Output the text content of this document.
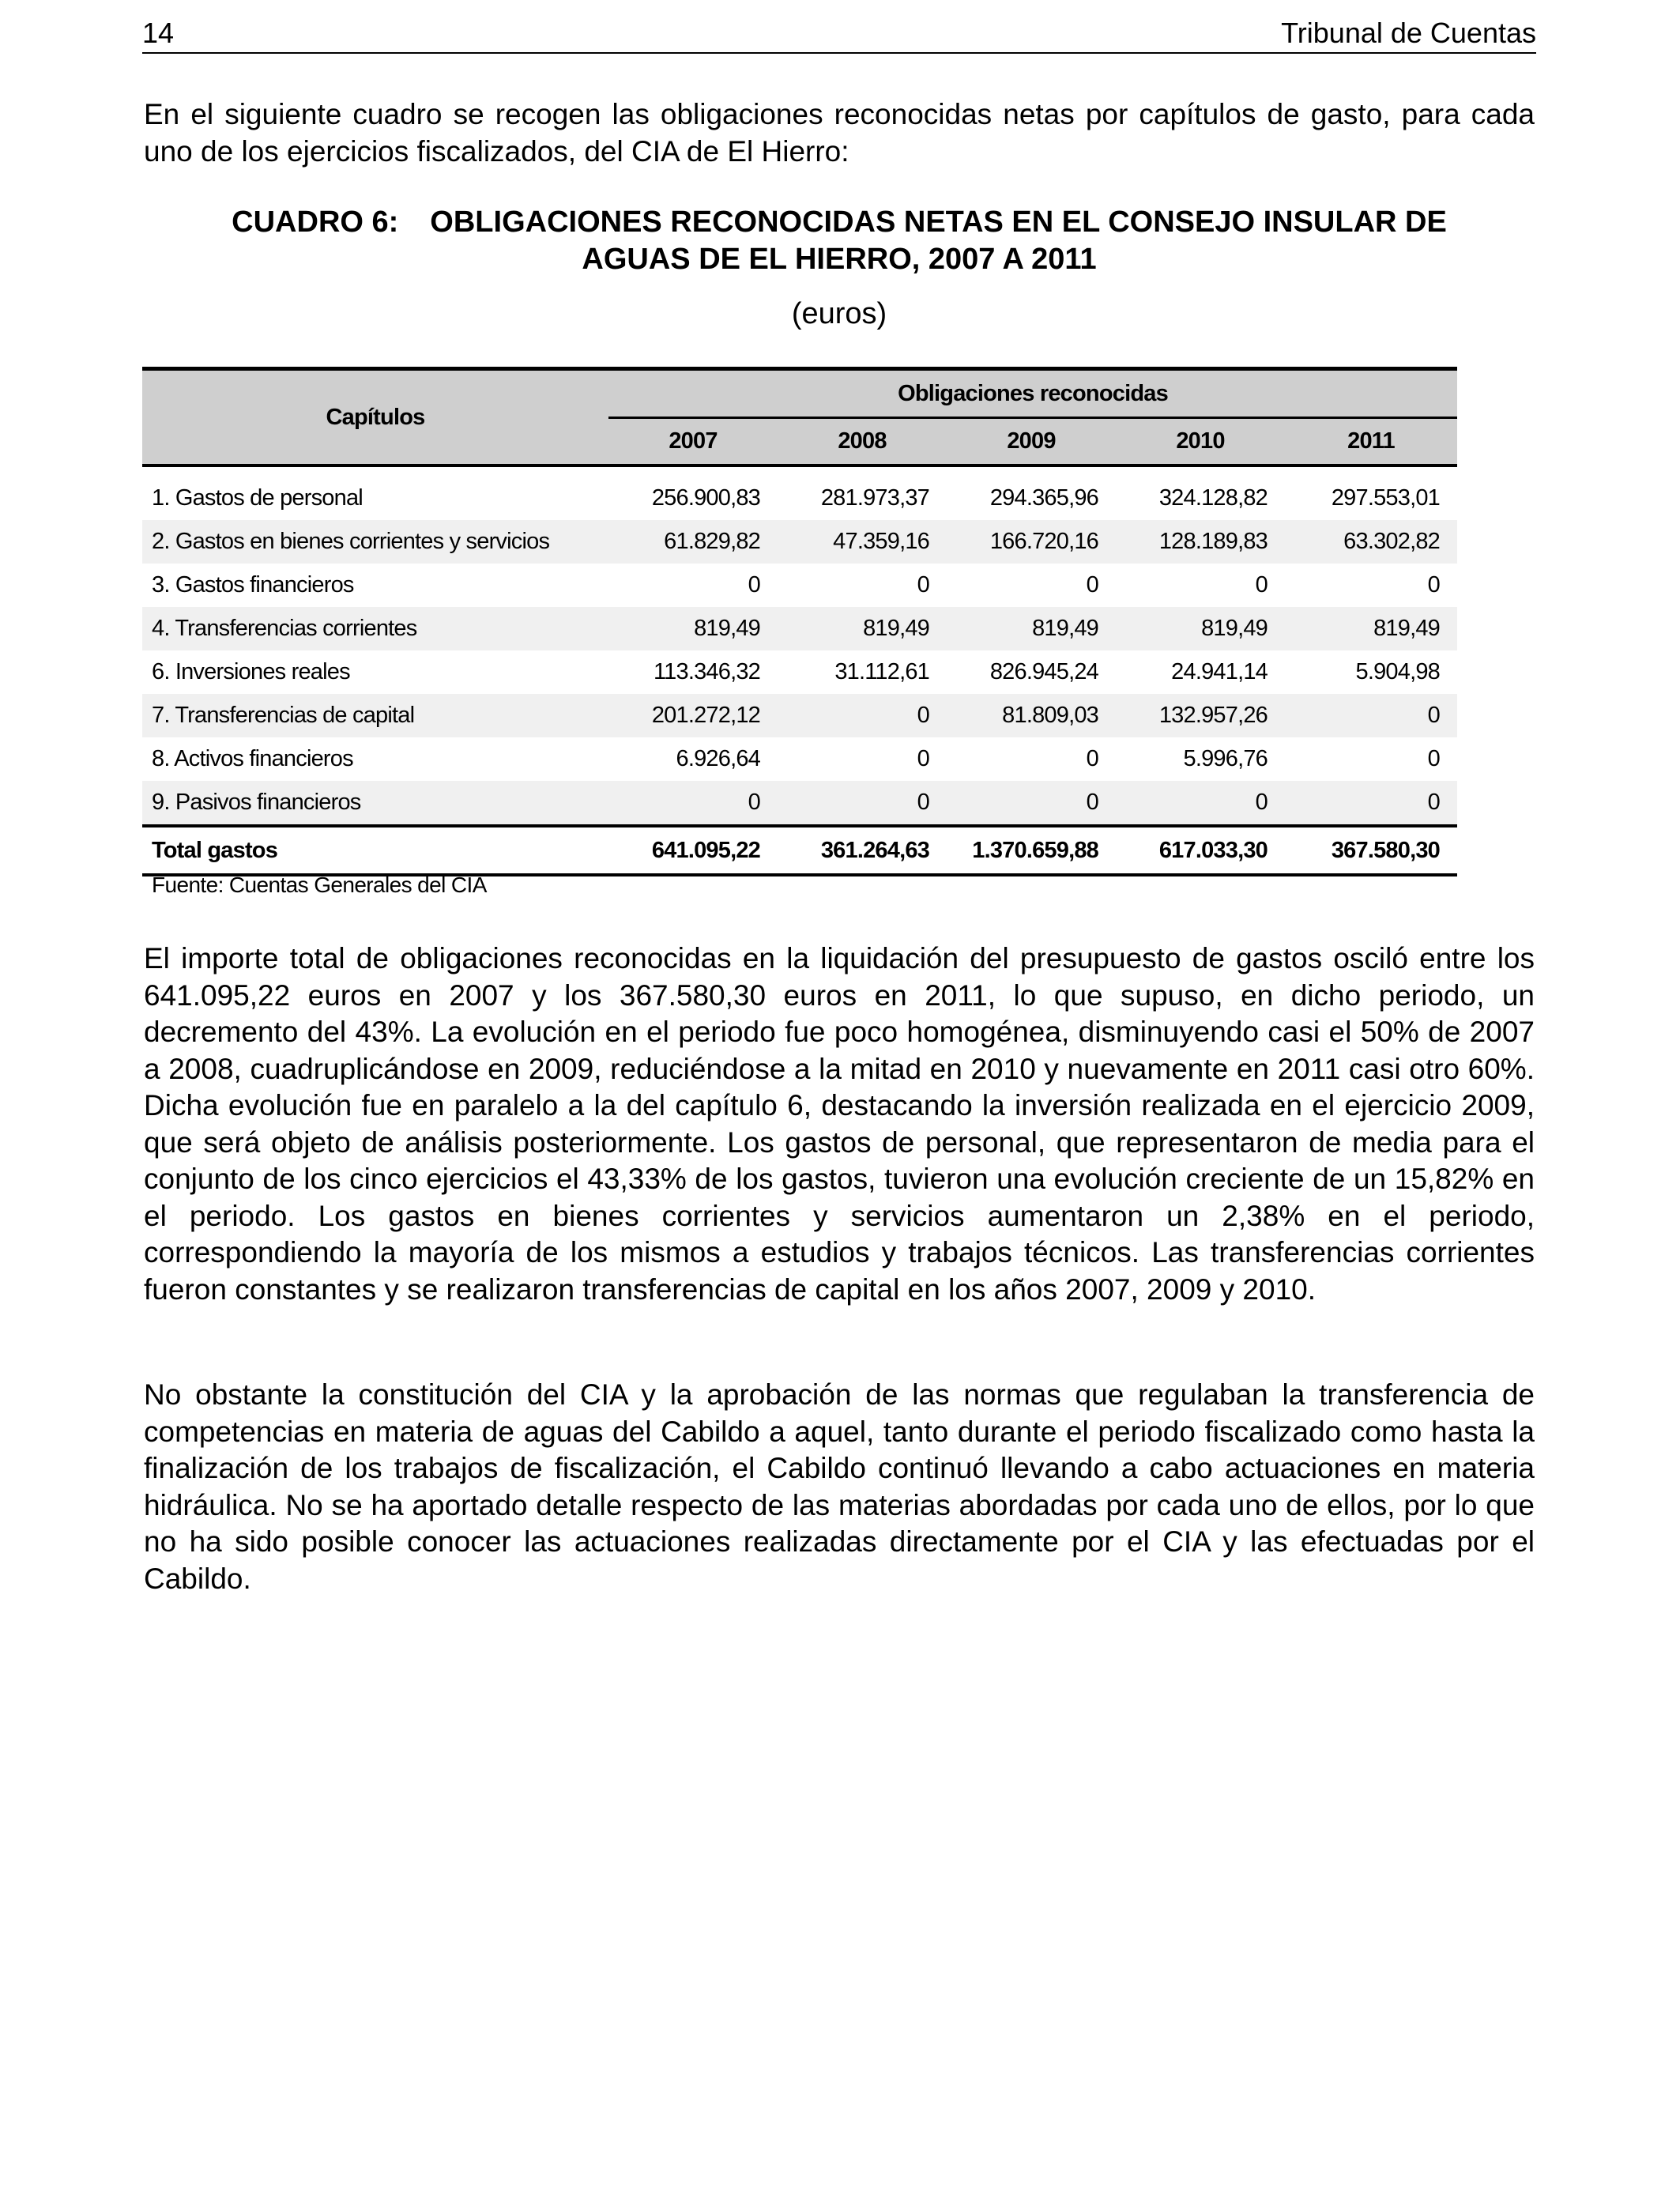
14	Tribunal de Cuentas

En el siguiente cuadro se recogen las obligaciones reconocidas netas por capítulos de gasto, para cada uno de los ejercicios fiscalizados, del CIA de El Hierro:

CUADRO 6: OBLIGACIONES RECONOCIDAS NETAS EN EL CONSEJO INSULAR DE
AGUAS DE EL HIERRO, 2007 A 2011
(euros)
Capítulos	Obligaciones reconocidas				
	2007	2008	2009	2010	2011

1. Gastos de personal	256.900,83	281.973,37	294.365,96	324.128,82	297.553,01
2. Gastos en bienes corrientes y servicios	61.829,82	47.359,16	166.720,16	128.189,83	63.302,82
3. Gastos financieros	0	0	0	0	0
4. Transferencias corrientes	819,49	819,49	819,49	819,49	819,49
6. Inversiones reales	113.346,32	31.112,61	826.945,24	24.941,14	5.904,98
7. Transferencias de capital	201.272,12	0	81.809,03	132.957,26	0
8. Activos financieros	6.926,64	0	0	5.996,76	0
9. Pasivos financieros	0	0	0	0	0
Total gastos	641.095,22	361.264,63	1.370.659,88	617.033,30	367.580,30
Fuente: Cuentas Generales del CIA

El importe total de obligaciones reconocidas en la liquidación del presupuesto de gastos osciló entre los 641.095,22 euros en 2007 y los 367.580,30 euros en 2011, lo que supuso, en dicho periodo, un decremento del 43%. La evolución en el periodo fue poco homogénea, disminuyendo casi el 50% de 2007 a 2008, cuadruplicándose en 2009, reduciéndose a la mitad en 2010 y nuevamente en 2011 casi otro 60%. Dicha evolución fue en paralelo a la del capítulo 6, destacando la inversión realizada en el ejercicio 2009, que será objeto de análisis posteriormente. Los gastos de personal, que representaron de media para el conjunto de los cinco ejercicios el 43,33% de los gastos, tuvieron una evolución creciente de un 15,82% en el periodo. Los gastos en bienes corrientes y servicios aumentaron un 2,38% en el periodo, correspondiendo la mayoría de los mismos a estudios y trabajos técnicos. Las transferencias corrientes fueron constantes y se realizaron transferencias de capital en los años 2007, 2009 y 2010.

No obstante la constitución del CIA y la aprobación de las normas que regulaban la transferencia de competencias en materia de aguas del Cabildo a aquel, tanto durante el periodo fiscalizado como hasta la finalización de los trabajos de fiscalización, el Cabildo continuó llevando a cabo actuaciones en materia hidráulica. No se ha aportado detalle respecto de las materias abordadas por cada uno de ellos, por lo que no ha sido posible conocer las actuaciones realizadas directamente por el CIA y las efectuadas por el Cabildo.
